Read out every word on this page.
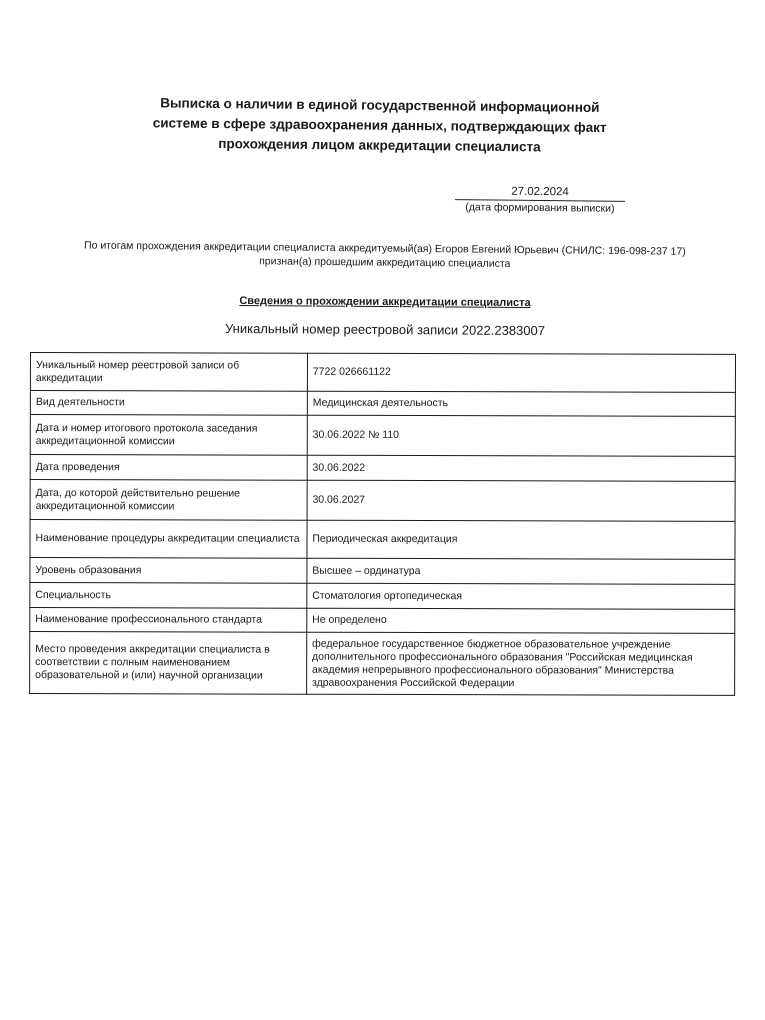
Выписка о наличии в единой государственной информационной
системе в сфере здравоохранения данных, подтверждающих факт
прохождения лицом аккредитации специалиста
27.02.2024
(дата формирования выписки)
По итогам прохождения аккредитации специалиста аккредитуемый(ая) Егоров Евгений Юрьевич (СНИЛС: 196-098-237 17)
признан(а) прошедшим аккредитацию специалиста
Сведения о прохождении аккредитации специалиста
Уникальный номер реестровой записи 2022.2383007
Уникальный номер реестровой записи об аккредитации	7722 026661122
Вид деятельности	Медицинская деятельность
Дата и номер итогового протокола заседания аккредитационной комиссии	30.06.2022 № 110
Дата проведения	30.06.2022
Дата, до которой действительно решение аккредитационной комиссии	30.06.2027
Наименование процедуры аккредитации специалиста	Периодическая аккредитация
Уровень образования	Высшее – ординатура
Специальность	Стоматология ортопедическая
Наименование профессионального стандарта	Не определено
Место проведения аккредитации специалиста в соответствии с полным наименованием образовательной и (или) научной организации	федеральное государственное бюджетное образовательное учреждение дополнительного профессионального образования "Российская медицинская академия непрерывного профессионального образования" Министерства здравоохранения Российской Федерации
